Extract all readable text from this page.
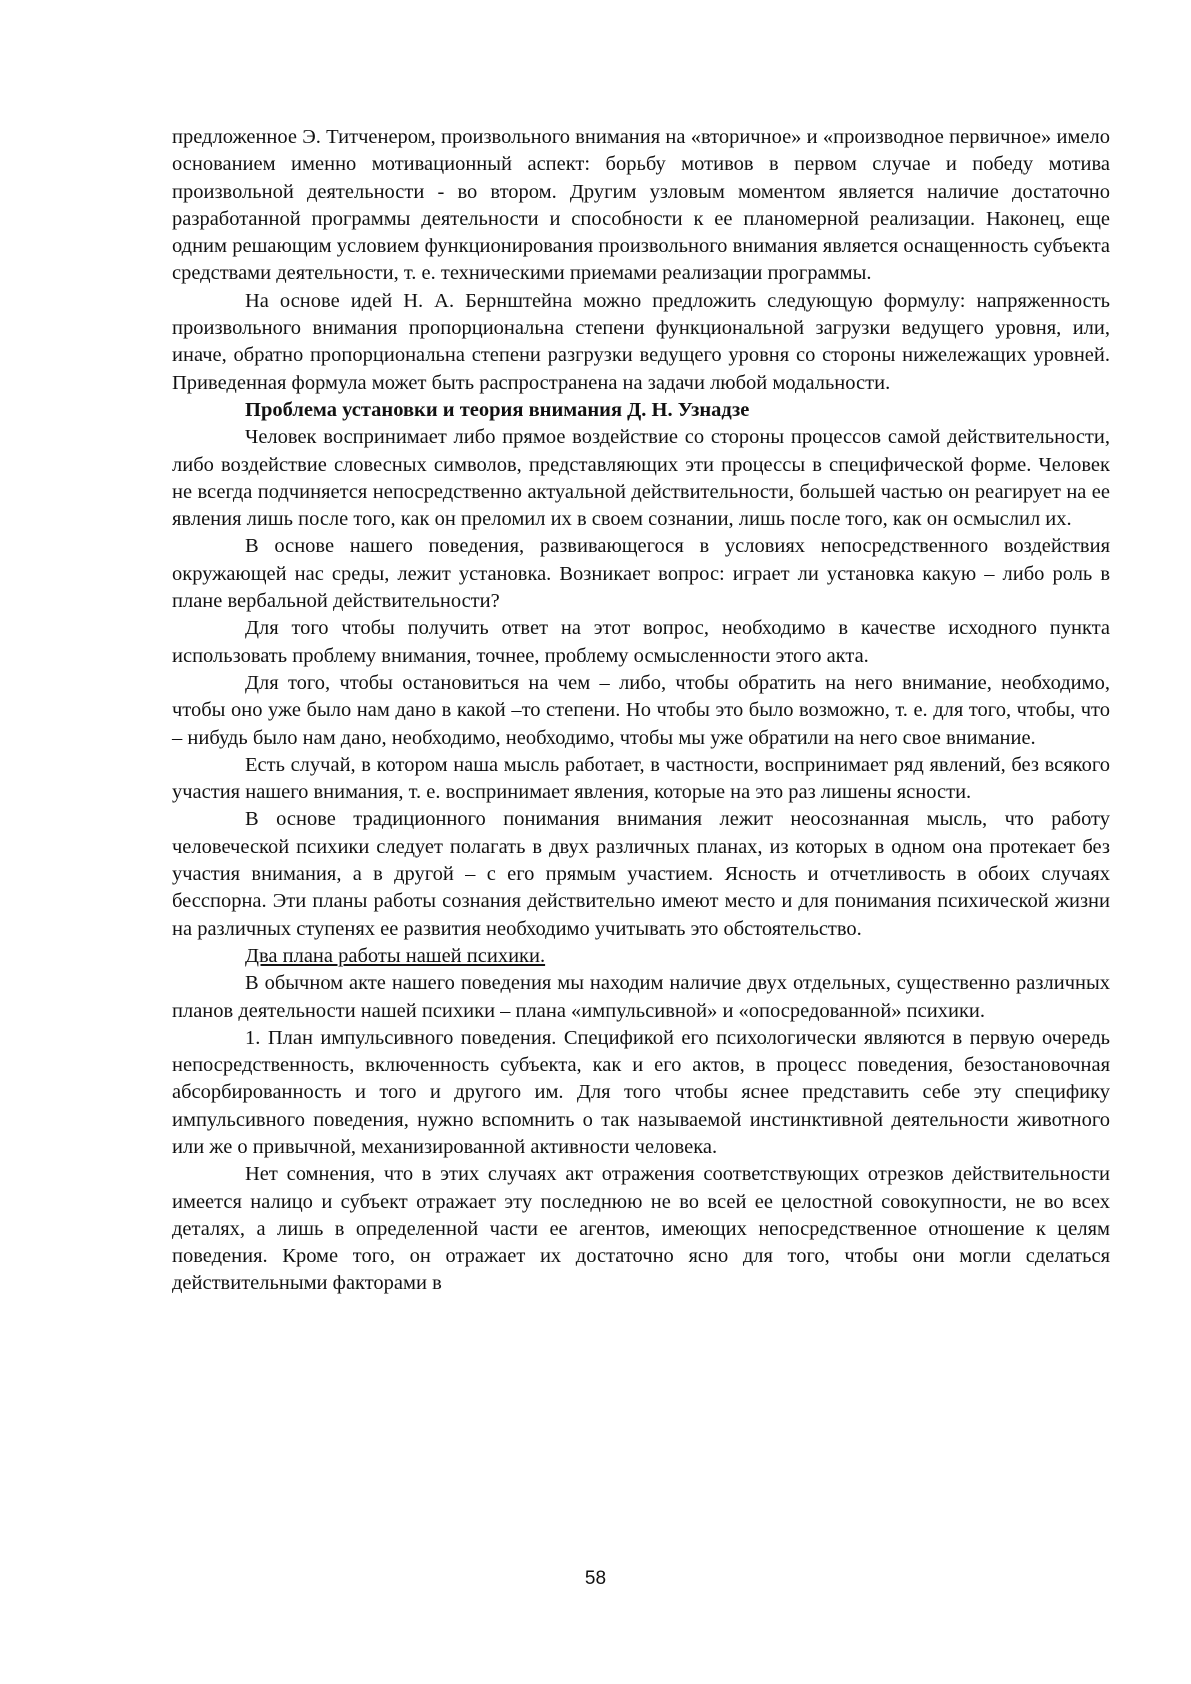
предложенное Э. Титченером, произвольного внимания на «вторичное» и «производное первичное» имело основанием именно мотивационный аспект: борьбу мотивов в первом случае и победу мотива произвольной деятельности - во втором. Другим узловым моментом является наличие достаточно разработанной программы деятельности и способности к ее планомерной реализации. Наконец, еще одним решающим условием функционирования произвольного внимания является оснащенность субъекта средствами деятельности, т. е. техническими приемами реализации программы.

На основе идей Н. А. Бернштейна можно предложить следующую формулу: напряженность произвольного внимания пропорциональна степени функциональной загрузки ведущего уровня, или, иначе, обратно пропорциональна степени разгрузки ведущего уровня со стороны нижележащих уровней. Приведенная формула может быть распространена на задачи любой модальности.

Проблема установки и теория внимания Д. Н. Узнадзе

Человек воспринимает либо прямое воздействие со стороны процессов самой действительности, либо воздействие словесных символов, представляющих эти процессы в специфической форме. Человек не всегда подчиняется непосредственно актуальной действительности, большей частью он реагирует на ее явления лишь после того, как он преломил их в своем сознании, лишь после того, как он осмыслил их.

В основе нашего поведения, развивающегося в условиях непосредственного воздействия окружающей нас среды, лежит установка. Возникает вопрос: играет ли установка какую – либо роль в плане вербальной действительности?

Для того чтобы получить ответ на этот вопрос, необходимо в качестве исходного пункта использовать проблему внимания, точнее, проблему осмысленности этого акта.

Для того, чтобы остановиться на чем – либо, чтобы обратить на него внимание, необходимо, чтобы оно уже было нам дано в какой –то степени. Но чтобы это было возможно, т. е. для того, чтобы, что – нибудь было нам дано, необходимо, необходимо, чтобы мы уже обратили на него свое внимание.

Есть случай, в котором наша мысль работает, в частности, воспринимает ряд явлений, без всякого участия нашего внимания, т. е. воспринимает явления, которые на это раз лишены ясности.

В основе традиционного понимания внимания лежит неосознанная мысль, что работу человеческой психики следует полагать в двух различных планах, из которых в одном она протекает без участия внимания, а в другой – с его прямым участием. Ясность и отчетливость в обоих случаях бесспорна. Эти планы работы сознания действительно имеют место и для понимания психической жизни на различных ступенях ее развития необходимо учитывать это обстоятельство.

Два плана работы нашей психики.

В обычном акте нашего поведения мы находим наличие двух отдельных, существенно различных планов деятельности нашей психики – плана «импульсивной» и «опосредованной» психики.

1. План импульсивного поведения. Спецификой его психологически являются в первую очередь непосредственность, включенность субъекта, как и его актов, в процесс поведения, безостановочная абсорбированность и того и другого им. Для того чтобы яснее представить себе эту специфику импульсивного поведения, нужно вспомнить о так называемой инстинктивной деятельности животного или же о привычной, механизированной активности человека.

Нет сомнения, что в этих случаях акт отражения соответствующих отрезков действительности имеется налицо и субъект отражает эту последнюю не во всей ее целостной совокупности, не во всех деталях, а лишь в определенной части ее агентов, имеющих непосредственное отношение к целям поведения. Кроме того, он отражает их достаточно ясно для того, чтобы они могли сделаться действительными факторами в

58
